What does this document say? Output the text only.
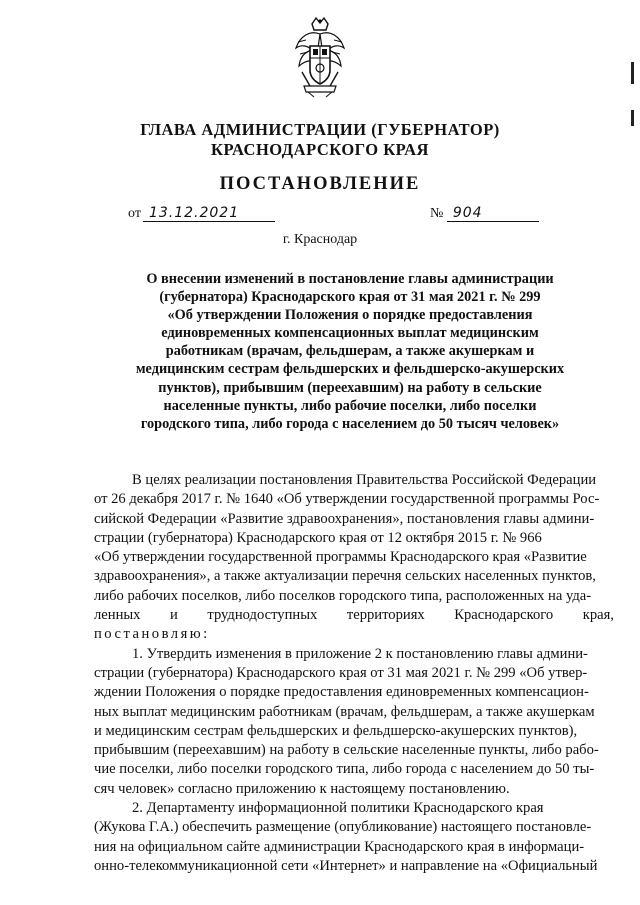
ГЛАВА АДМИНИСТРАЦИИ (ГУБЕРНАТОР)
КРАСНОДАРСКОГО КРАЯ
ПОСТАНОВЛЕНИЕ
от 13.12.2021	№ 904
г. Краснодар
О внесении изменений в постановление главы администрации
(губернатора) Краснодарского края от 31 мая 2021 г. № 299
«Об утверждении Положения о порядке предоставления
единовременных компенсационных выплат медицинским
работникам (врачам, фельдшерам, а также акушеркам и
медицинским сестрам фельдшерских и фельдшерско-акушерских
пунктов), прибывшим (переехавшим) на работу в сельские
населенные пункты, либо рабочие поселки, либо поселки
городского типа, либо города с населением до 50 тысяч человек»
В целях реализации постановления Правительства Российской Федерации
от 26 декабря 2017 г. № 1640 «Об утверждении государственной программы Рос-
сийской Федерации «Развитие здравоохранения», постановления главы админи-
страции (губернатора) Краснодарского края от 12 октября 2015 г. № 966
«Об утверждении государственной программы Краснодарского края «Развитие
здравоохранения», а также актуализации перечня сельских населенных пунктов,
либо рабочих поселков, либо поселков городского типа, расположенных на уда-
ленных и труднодоступных территориях Краснодарского края,
постановляю:
1. Утвердить изменения в приложение 2 к постановлению главы админи-
страции (губернатора) Краснодарского края от 31 мая 2021 г. № 299 «Об утвер-
ждении Положения о порядке предоставления единовременных компенсацион-
ных выплат медицинским работникам (врачам, фельдшерам, а также акушеркам
и медицинским сестрам фельдшерских и фельдшерско-акушерских пунктов),
прибывшим (переехавшим) на работу в сельские населенные пункты, либо рабо-
чие поселки, либо поселки городского типа, либо города с населением до 50 ты-
сяч человек» согласно приложению к настоящему постановлению.
2. Департаменту информационной политики Краснодарского края
(Жукова Г.А.) обеспечить размещение (опубликование) настоящего постановле-
ния на официальном сайте администрации Краснодарского края в информаци-
онно-телекоммуникационной сети «Интернет» и направление на «Официальный
